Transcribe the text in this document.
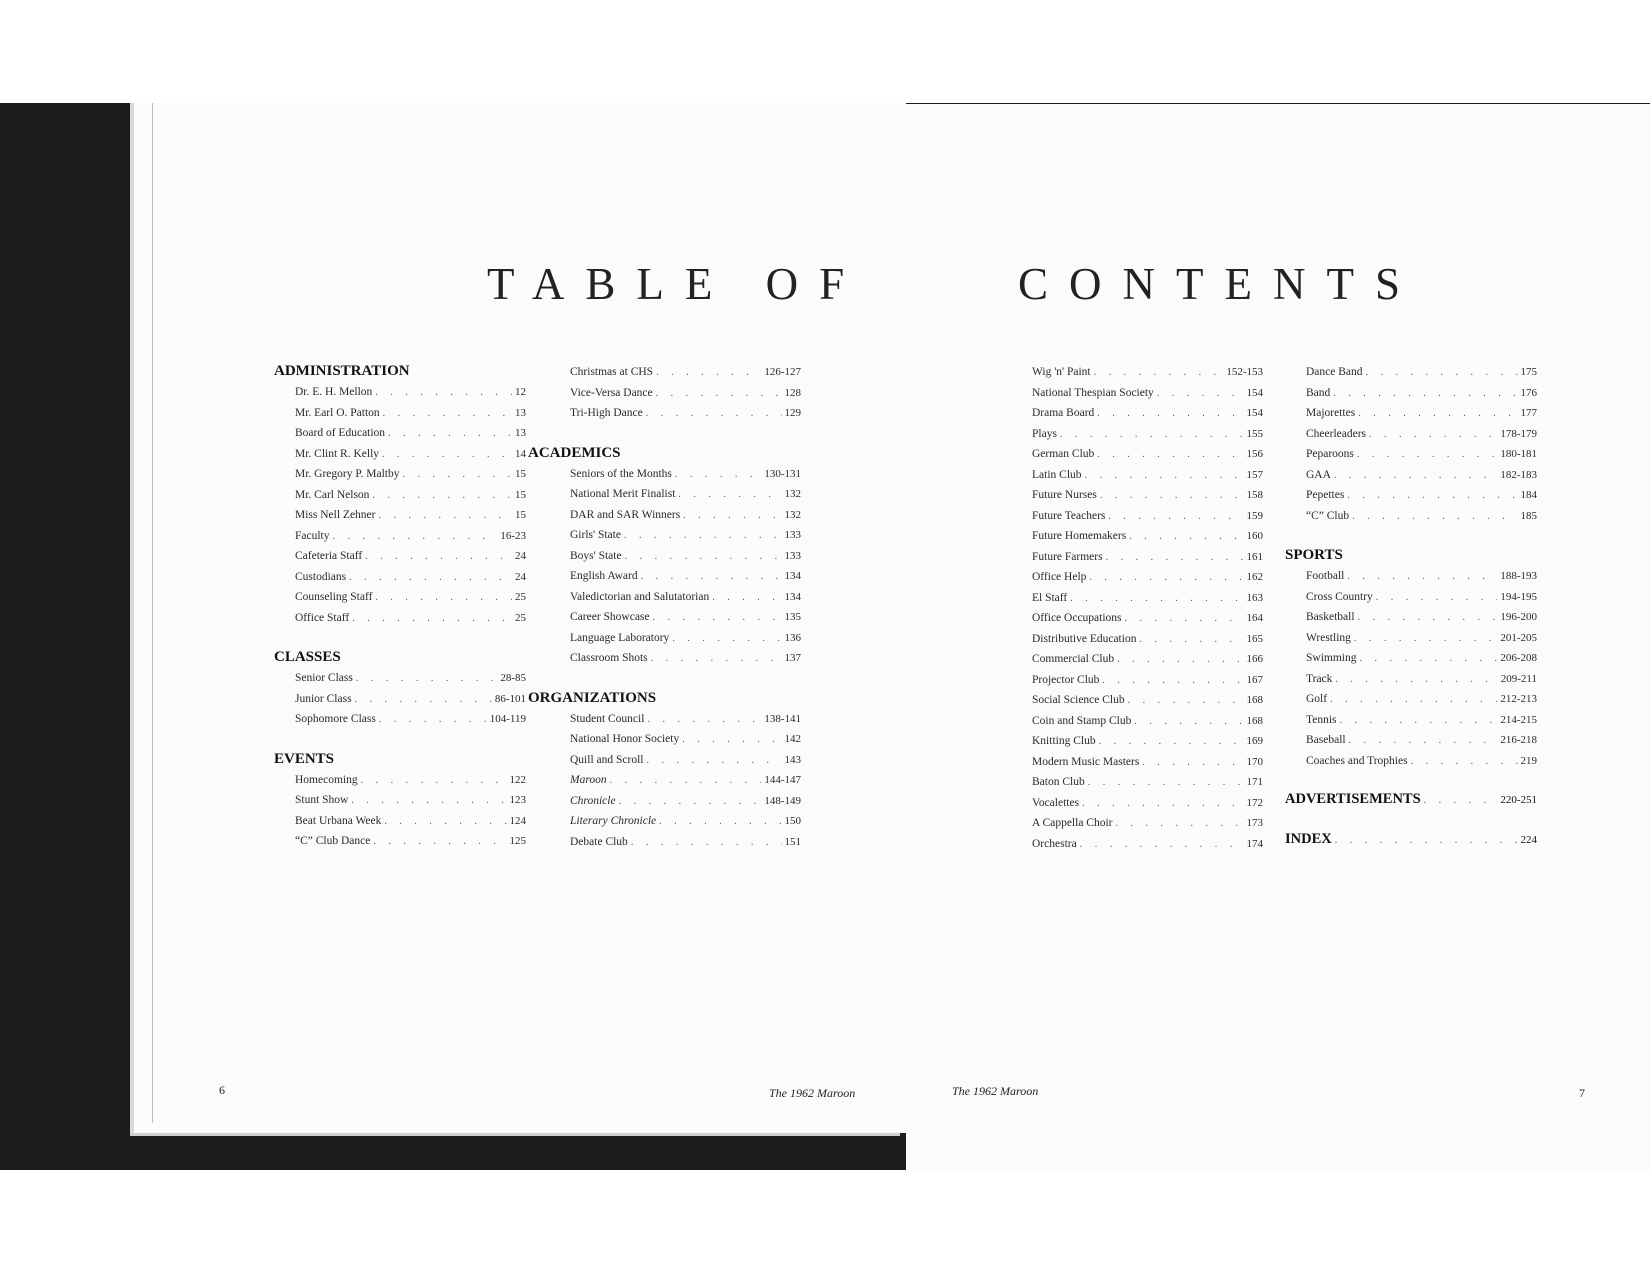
TABLE OF	CONTENTS
ADMINISTRATION
Dr. E. H. Mellon . . .	12
Mr. Earl O. Patton . . .	13
Board of Education . . .	13
Mr. Clint R. Kelly . . .	14
Mr. Gregory P. Maltby . . .	15
Mr. Carl Nelson . . .	15
Miss Nell Zehner . . .	15
Faculty . . .	16-23
Cafeteria Staff . . .	24
Custodians . . .	24
Counseling Staff . . .	25
Office Staff . . .	25
CLASSES
Senior Class . . .	28-85
Junior Class . . .	86-101
Sophomore Class . . .	104-119
EVENTS
Homecoming . . .	122
Stunt Show . . .	123
Beat Urbana Week . . .	124
“C” Club Dance . . .	125
Christmas at CHS . . .	126-127
Vice-Versa Dance . . .	128
Tri-High Dance . . .	129
ACADEMICS
Seniors of the Months . . .	130-131
National Merit Finalist . . .	132
DAR and SAR Winners . . .	132
Girls' State . . .	133
Boys' State . . .	133
English Award . . .	134
Valedictorian and Salutatorian . . .	134
Career Showcase . . .	135
Language Laboratory . . .	136
Classroom Shots . . .	137
ORGANIZATIONS
Student Council . . .	138-141
National Honor Society . . .	142
Quill and Scroll . . .	143
Maroon . . .	144-147
Chronicle . . .	148-149
Literary Chronicle . . .	150
Debate Club . . .	151
Wig 'n' Paint . . .	152-153
National Thespian Society . . .	154
Drama Board . . .	154
Plays . . .	155
German Club . . .	156
Latin Club . . .	157
Future Nurses . . .	158
Future Teachers . . .	159
Future Homemakers . . .	160
Future Farmers . . .	161
Office Help . . .	162
El Staff . . .	163
Office Occupations . . .	164
Distributive Education . . .	165
Commercial Club . . .	166
Projector Club . . .	167
Social Science Club . . .	168
Coin and Stamp Club . . .	168
Knitting Club . . .	169
Modern Music Masters . . .	170
Baton Club . . .	171
Vocalettes . . .	172
A Cappella Choir . . .	173
Orchestra . . .	174
Dance Band . . .	175
Band . . .	176
Majorettes . . .	177
Cheerleaders . . .	178-179
Peparoons . . .	180-181
GAA . . .	182-183
Pepettes . . .	184
“C” Club . . .	185
SPORTS
Football . . .	188-193
Cross Country . . .	194-195
Basketball . . .	196-200
Wrestling . . .	201-205
Swimming . . .	206-208
Track . . .	209-211
Golf . . .	212-213
Tennis . . .	214-215
Baseball . . .	216-218
Coaches and Trophies . . .	219
ADVERTISEMENTS . . .	220-251
INDEX . . .	224
6	The 1962 Maroon	The 1962 Maroon	7
